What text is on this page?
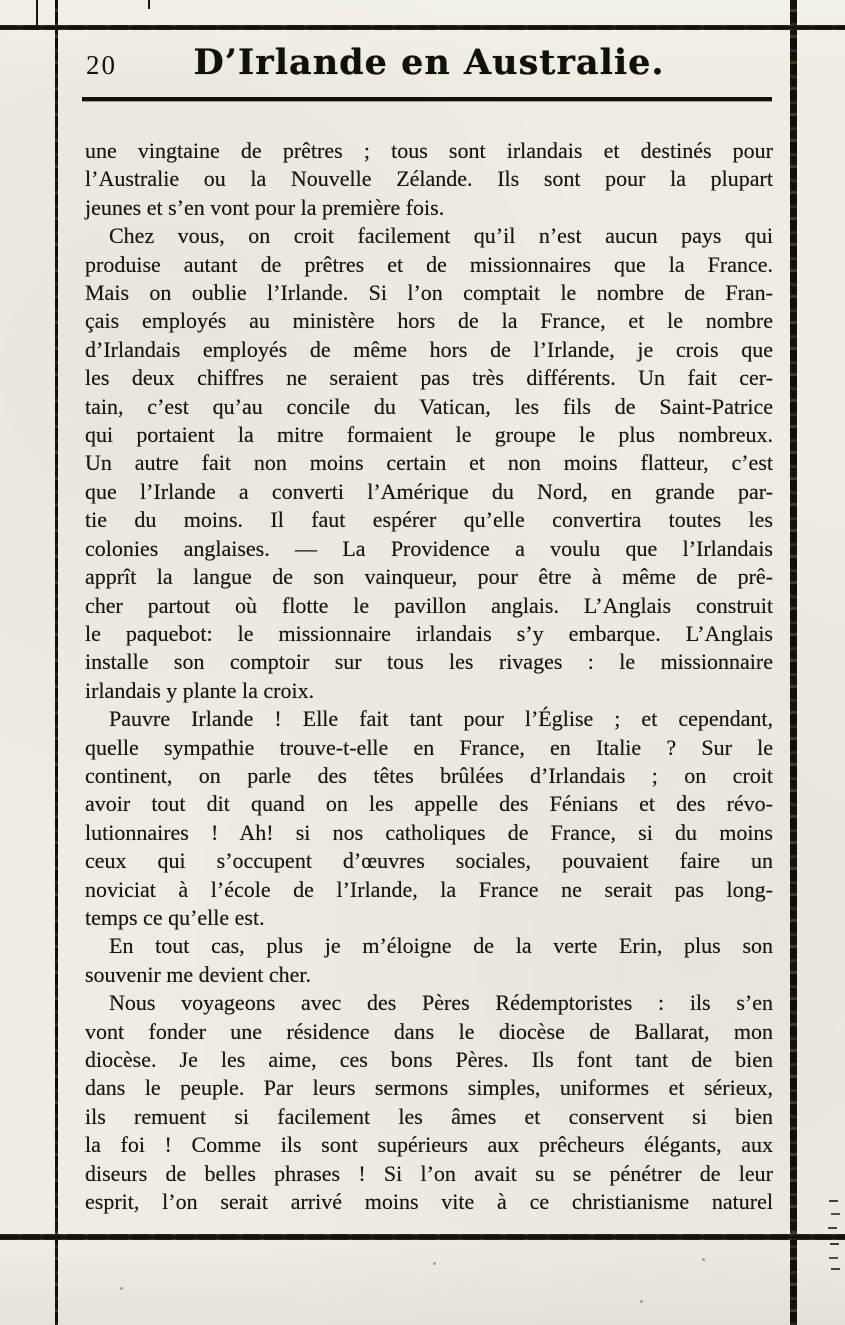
20	D’Irlande en Australie.
une vingtaine de prêtres ; tous sont irlandais et destinés pour
l’Australie ou la Nouvelle Zélande. Ils sont pour la plupart
jeunes et s’en vont pour la première fois.
Chez vous, on croit facilement qu’il n’est aucun pays qui
produise autant de prêtres et de missionnaires que la France.
Mais on oublie l’Irlande. Si l’on comptait le nombre de Fran-
çais employés au ministère hors de la France, et le nombre
d’Irlandais employés de même hors de l’Irlande, je crois que
les deux chiffres ne seraient pas très différents. Un fait cer-
tain, c’est qu’au concile du Vatican, les fils de Saint-Patrice
qui portaient la mitre formaient le groupe le plus nombreux.
Un autre fait non moins certain et non moins flatteur, c’est
que l’Irlande a converti l’Amérique du Nord, en grande par-
tie du moins. Il faut espérer qu’elle convertira toutes les
colonies anglaises. — La Providence a voulu que l’Irlandais
apprît la langue de son vainqueur, pour être à même de prê-
cher partout où flotte le pavillon anglais. L’Anglais construit
le paquebot: le missionnaire irlandais s’y embarque. L’Anglais
installe son comptoir sur tous les rivages : le missionnaire
irlandais y plante la croix.
Pauvre Irlande ! Elle fait tant pour l’Église ; et cependant,
quelle sympathie trouve-t-elle en France, en Italie ? Sur le
continent, on parle des têtes brûlées d’Irlandais ; on croit
avoir tout dit quand on les appelle des Fénians et des révo-
lutionnaires ! Ah! si nos catholiques de France, si du moins
ceux qui s’occupent d’œuvres sociales, pouvaient faire un
noviciat à l’école de l’Irlande, la France ne serait pas long-
temps ce qu’elle est.
En tout cas, plus je m’éloigne de la verte Erin, plus son
souvenir me devient cher.
Nous voyageons avec des Pères Rédemptoristes : ils s’en
vont fonder une résidence dans le diocèse de Ballarat, mon
diocèse. Je les aime, ces bons Pères. Ils font tant de bien
dans le peuple. Par leurs sermons simples, uniformes et sérieux,
ils remuent si facilement les âmes et conservent si bien
la foi ! Comme ils sont supérieurs aux prêcheurs élégants, aux
diseurs de belles phrases ! Si l’on avait su se pénétrer de leur
esprit, l’on serait arrivé moins vite à ce christianisme naturel
